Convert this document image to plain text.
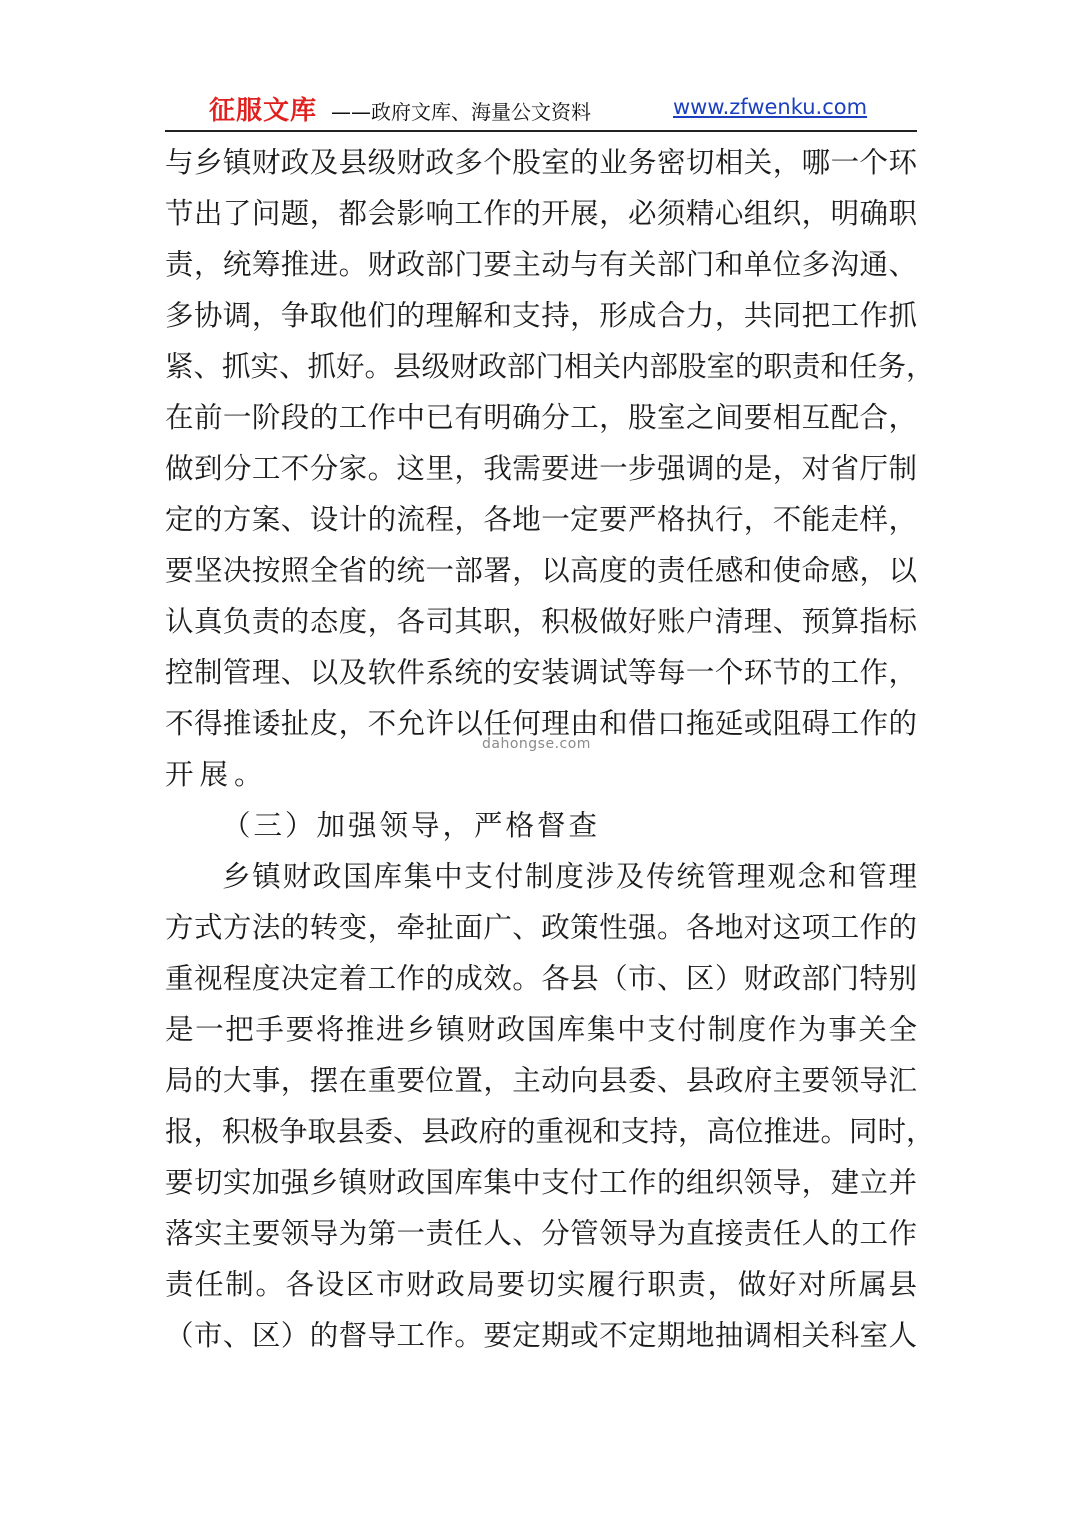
征服文库 ——政府文库、海量公文资料	www.zfwenku.com
与乡镇财政及县级财政多个股室的业务密切相关，哪一个环
节出了问题，都会影响工作的开展，必须精心组织，明确职
责，统筹推进。财政部门要主动与有关部门和单位多沟通、
多协调，争取他们的理解和支持，形成合力，共同把工作抓
紧、抓实、抓好。县级财政部门相关内部股室的职责和任务，
在前一阶段的工作中已有明确分工，股室之间要相互配合，
做到分工不分家。这里，我需要进一步强调的是，对省厅制
定的方案、设计的流程，各地一定要严格执行，不能走样，
要坚决按照全省的统一部署，以高度的责任感和使命感，以
认真负责的态度，各司其职，积极做好账户清理、预算指标
控制管理、以及软件系统的安装调试等每一个环节的工作，
不得推诿扯皮，不允许以任何理由和借口拖延或阻碍工作的
开展。
（三）加强领导，严格督查
乡镇财政国库集中支付制度涉及传统管理观念和管理
方式方法的转变，牵扯面广、政策性强。各地对这项工作的
重视程度决定着工作的成效。各县（市、区）财政部门特别
是一把手要将推进乡镇财政国库集中支付制度作为事关全
局的大事，摆在重要位置，主动向县委、县政府主要领导汇
报，积极争取县委、县政府的重视和支持，高位推进。同时，
要切实加强乡镇财政国库集中支付工作的组织领导，建立并
落实主要领导为第一责任人、分管领导为直接责任人的工作
责任制。各设区市财政局要切实履行职责，做好对所属县
（市、区）的督导工作。要定期或不定期地抽调相关科室人
dahongse.com
